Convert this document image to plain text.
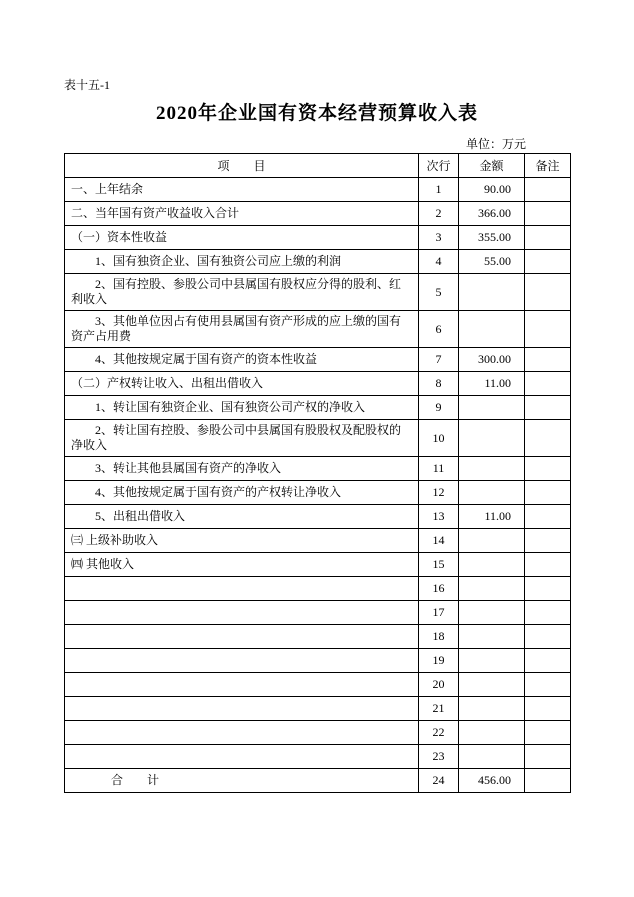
表十五-1
2020年企业国有资本经营预算收入表
单位：万元
项　　目	次行	金额	备注
一、上年结余	1	90.00	
二、当年国有资产收益收入合计	2	366.00	
（一）资本性收益	3	355.00	
1、国有独资企业、国有独资公司应上缴的利润	4	55.00	
2、国有控股、参股公司中县属国有股权应分得的股利、红利收入	5		
3、其他单位因占有使用县属国有资产形成的应上缴的国有资产占用费	6		
4、其他按规定属于国有资产的资本性收益	7	300.00	
（二）产权转让收入、出租出借收入	8	11.00	
1、转让国有独资企业、国有独资公司产权的净收入	9		
2、转让国有控股、参股公司中县属国有股股权及配股权的净收入	10		
3、转让其他县属国有资产的净收入	11		
4、其他按规定属于国有资产的产权转让净收入	12		
5、出租出借收入	13	11.00	
㈢ 上级补助收入	14		
㈣ 其他收入	15		
	16		
	17		
	18		
	19		
	20		
	21		
	22		
	23		
合　　计	24	456.00	
